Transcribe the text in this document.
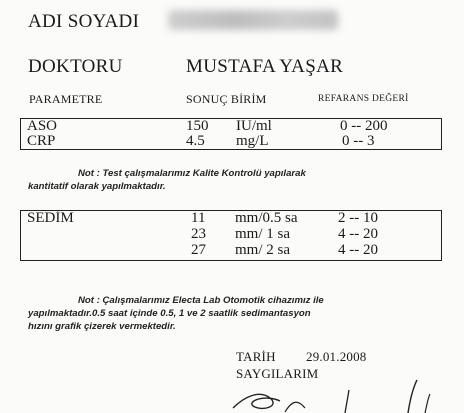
ADI SOYADI
DOKTORU	MUSTAFA YAŞAR
PARAMETRE	SONUÇ BİRİM	REFARANS DEĞERİ
ASO	150 IU/ml	0 -- 200
CRP	4.5 mg/L	0 -- 3
Not : Test çalışmalarımız Kalite Kontrolü yapılarak
kantitatif olarak yapılmaktadır.
SEDİM	11 mm/0.5 sa	2 -- 10
23 mm/ 1 sa	4 -- 20
27 mm/ 2 sa	4 -- 20
Not : Çalışmalarımız Electa Lab Otomotik cihazımız ile
yapılmaktadır.0.5 saat içinde 0.5, 1 ve 2 saatlik sedimantasyon
hızını grafik çizerek vermektedir.
TARİH 29.01.2008
SAYGILARIM
